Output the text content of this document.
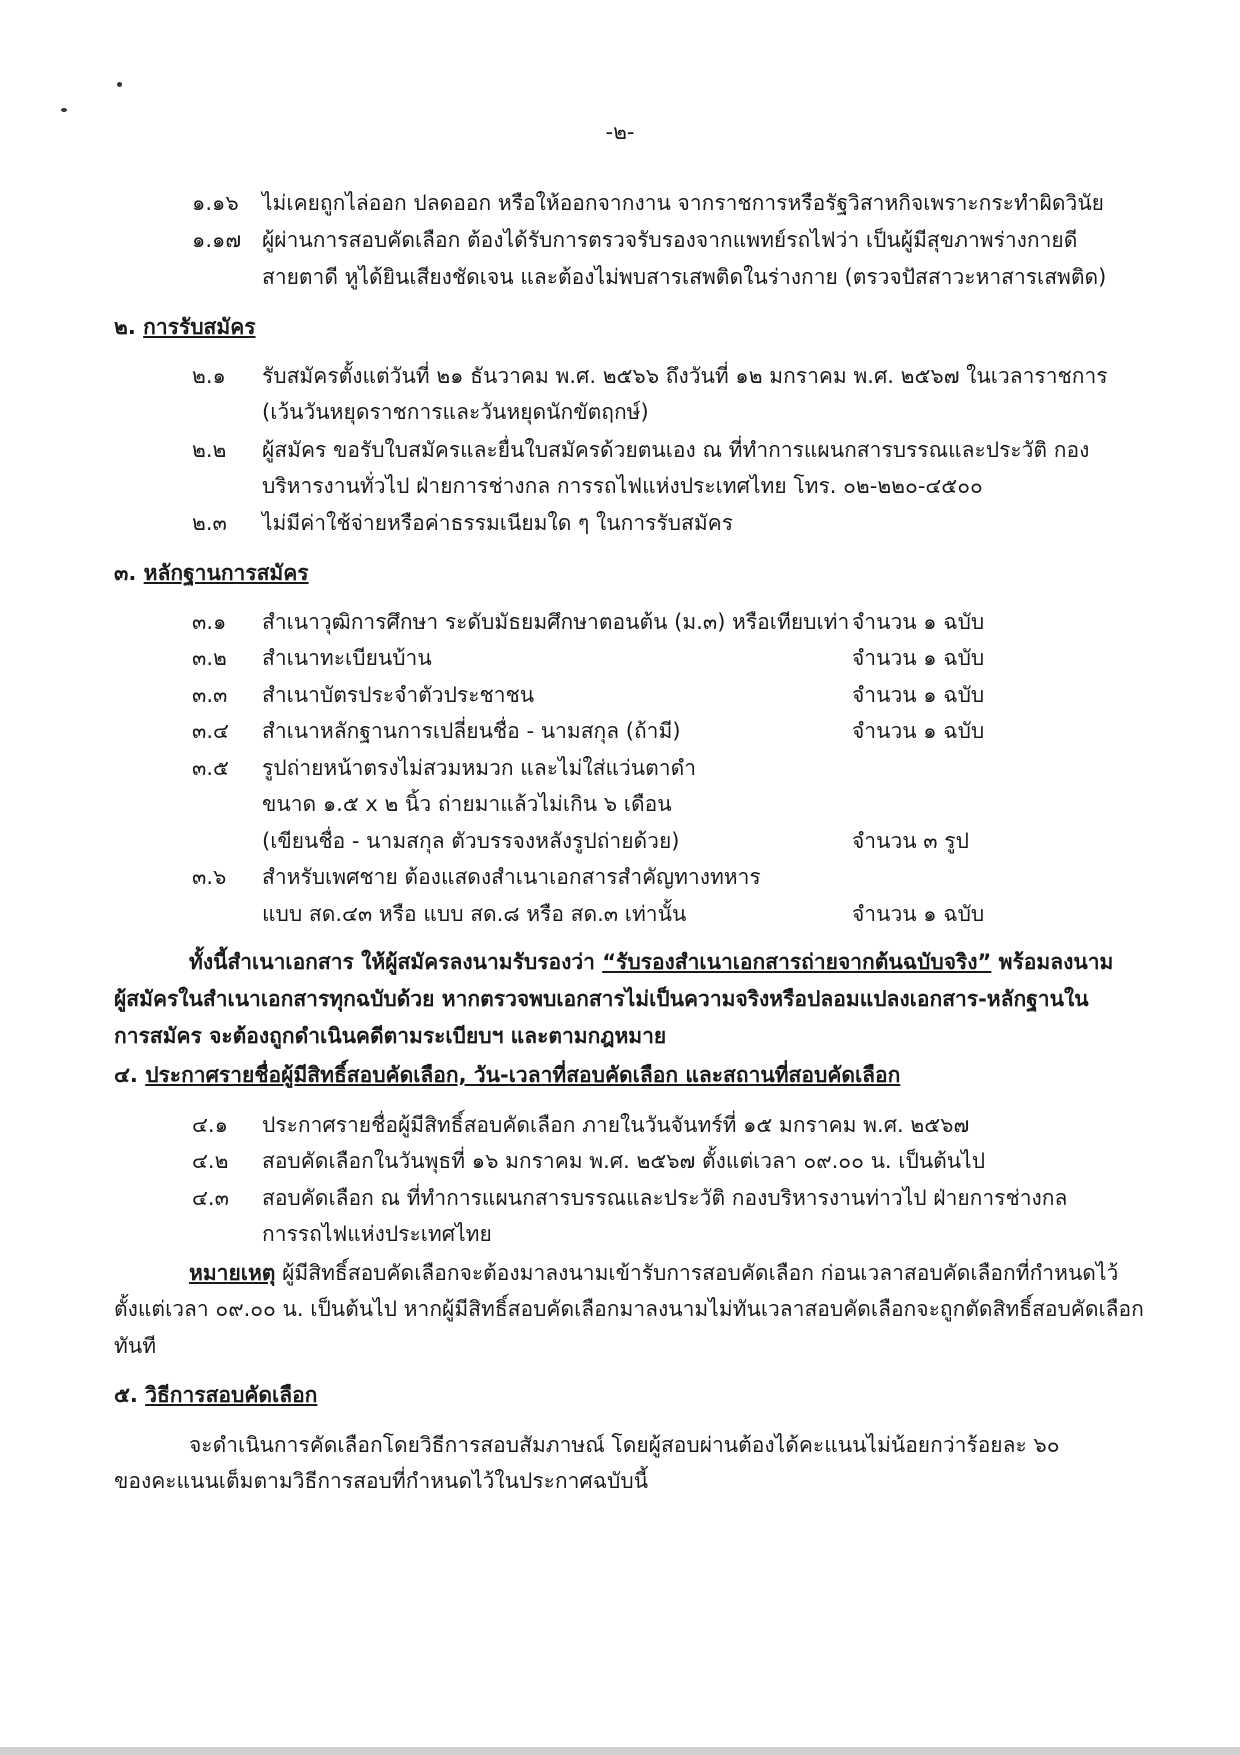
-๒-
๑.๑๖ ไม่เคยถูกไล่ออก ปลดออก หรือให้ออกจากงาน จากราชการหรือรัฐวิสาหกิจเพราะกระทำผิดวินัย
๑.๑๗ ผู้ผ่านการสอบคัดเลือก ต้องได้รับการตรวจรับรองจากแพทย์รถไฟว่า เป็นผู้มีสุขภาพร่างกายดี
สายตาดี หูได้ยินเสียงชัดเจน และต้องไม่พบสารเสพติดในร่างกาย (ตรวจปัสสาวะหาสารเสพติด)
๒. การรับสมัคร
๒.๑ รับสมัครตั้งแต่วันที่ ๒๑ ธันวาคม พ.ศ. ๒๕๖๖ ถึงวันที่ ๑๒ มกราคม พ.ศ. ๒๕๖๗ ในเวลาราชการ
(เว้นวันหยุดราชการและวันหยุดนักขัตฤกษ์)
๒.๒ ผู้สมัคร ขอรับใบสมัครและยื่นใบสมัครด้วยตนเอง ณ ที่ทำการแผนกสารบรรณและประวัติ กอง
บริหารงานทั่วไป ฝ่ายการช่างกล การรถไฟแห่งประเทศไทย โทร. ๐๒-๒๒๐-๔๕๐๐
๒.๓ ไม่มีค่าใช้จ่ายหรือค่าธรรมเนียมใด ๆ ในการรับสมัคร
๓. หลักฐานการสมัคร
๓.๑ สำเนาวุฒิการศึกษา ระดับมัธยมศึกษาตอนต้น (ม.๓) หรือเทียบเท่า จำนวน ๑ ฉบับ
๓.๒ สำเนาทะเบียนบ้าน	จำนวน ๑ ฉบับ
๓.๓ สำเนาบัตรประจำตัวประชาชน	จำนวน ๑ ฉบับ
๓.๔ สำเนาหลักฐานการเปลี่ยนชื่อ - นามสกุล (ถ้ามี)	จำนวน ๑ ฉบับ
๓.๕ รูปถ่ายหน้าตรงไม่สวมหมวก และไม่ใส่แว่นตาดำ
ขนาด ๑.๕ x ๒ นิ้ว ถ่ายมาแล้วไม่เกิน ๖ เดือน
(เขียนชื่อ - นามสกุล ตัวบรรจงหลังรูปถ่ายด้วย)	จำนวน ๓ รูป
๓.๖ สำหรับเพศชาย ต้องแสดงสำเนาเอกสารสำคัญทางทหาร
แบบ สด.๔๓ หรือ แบบ สด.๘ หรือ สด.๓ เท่านั้น	จำนวน ๑ ฉบับ
ทั้งนี้สำเนาเอกสาร ให้ผู้สมัครลงนามรับรองว่า “รับรองสำเนาเอกสารถ่ายจากต้นฉบับจริง” พร้อมลงนาม
ผู้สมัครในสำเนาเอกสารทุกฉบับด้วย หากตรวจพบเอกสารไม่เป็นความจริงหรือปลอมแปลงเอกสาร-หลักฐานใน
การสมัคร จะต้องถูกดำเนินคดีตามระเบียบฯ และตามกฎหมาย
๔. ประกาศรายชื่อผู้มีสิทธิ์สอบคัดเลือก, วัน-เวลาที่สอบคัดเลือก และสถานที่สอบคัดเลือก
๔.๑ ประกาศรายชื่อผู้มีสิทธิ์สอบคัดเลือก ภายในวันจันทร์ที่ ๑๕ มกราคม พ.ศ. ๒๕๖๗
๔.๒ สอบคัดเลือกในวันพุธที่ ๑๖ มกราคม พ.ศ. ๒๕๖๗ ตั้งแต่เวลา ๐๙.๐๐ น. เป็นต้นไป
๔.๓ สอบคัดเลือก ณ ที่ทำการแผนกสารบรรณและประวัติ กองบริหารงานท่าวไป ฝ่ายการช่างกล
การรถไฟแห่งประเทศไทย
หมายเหตุ ผู้มีสิทธิ์สอบคัดเลือกจะต้องมาลงนามเข้ารับการสอบคัดเลือก ก่อนเวลาสอบคัดเลือกที่กำหนดไว้
ตั้งแต่เวลา ๐๙.๐๐ น. เป็นต้นไป หากผู้มีสิทธิ์สอบคัดเลือกมาลงนามไม่ทันเวลาสอบคัดเลือกจะถูกตัดสิทธิ์สอบคัดเลือก
ทันที
๕. วิธีการสอบคัดเลือก
จะดำเนินการคัดเลือกโดยวิธีการสอบสัมภาษณ์ โดยผู้สอบผ่านต้องได้คะแนนไม่น้อยกว่าร้อยละ ๖๐
ของคะแนนเต็มตามวิธีการสอบที่กำหนดไว้ในประกาศฉบับนี้
